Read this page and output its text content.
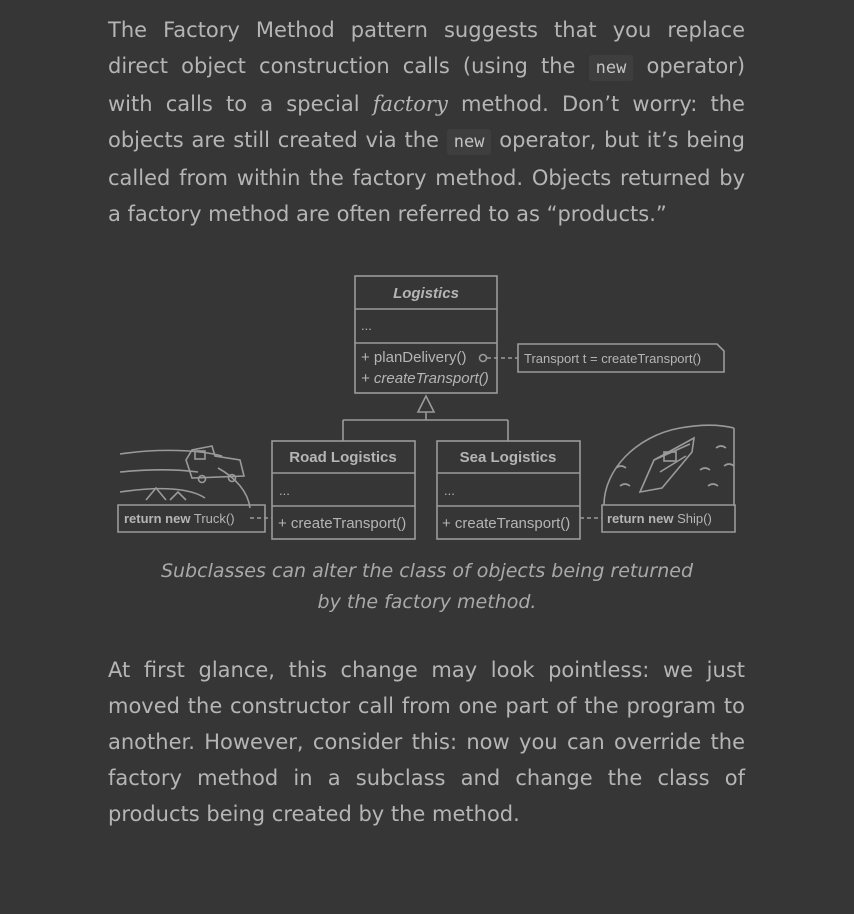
The Factory Method pattern suggests that you replace direct object construction calls (using the new operator) with calls to a special factory method. Don’t worry: the objects are still created via the new operator, but it’s being called from within the factory method. Objects returned by a factory method are often referred to as “products.”

Logistics
...
+ planDelivery()
+ createTransport()
Transport t = createTransport()
Road Logistics
...
+ createTransport()
Sea Logistics
...
+ createTransport()
return new Truck()	return new Ship()

Subclasses can alter the class of objects being returned by the factory method.

At first glance, this change may look pointless: we just moved the constructor call from one part of the program to another. However, consider this: now you can override the factory method in a subclass and change the class of products being created by the method.
